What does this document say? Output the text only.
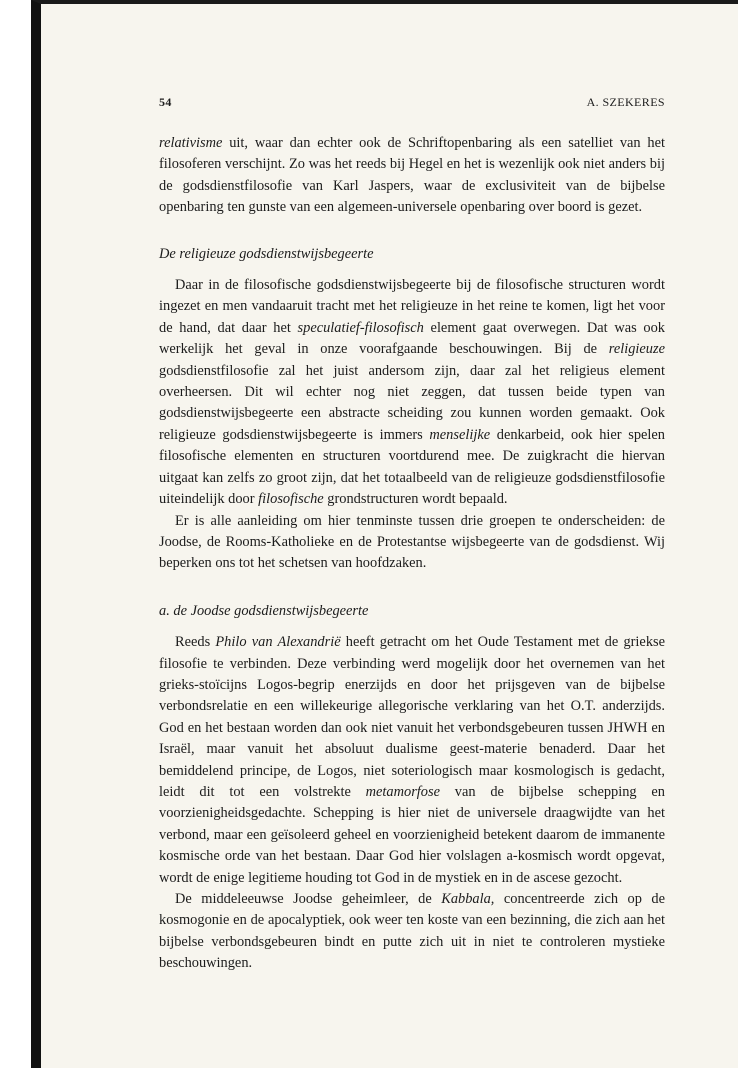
54	A. SZEKERES

relativisme uit, waar dan echter ook de Schriftopenbaring als een satelliet van het filosoferen verschijnt. Zo was het reeds bij Hegel en het is wezenlijk ook niet anders bij de godsdienstfilosofie van Karl Jaspers, waar de exclusiviteit van de bijbelse openbaring ten gunste van een algemeen-universele openbaring over boord is gezet.

De religieuze godsdienstwijsbegeerte

Daar in de filosofische godsdienstwijsbegeerte bij de filosofische structuren wordt ingezet en men vandaaruit tracht met het religieuze in het reine te komen, ligt het voor de hand, dat daar het speculatief-filosofisch element gaat overwegen. Dat was ook werkelijk het geval in onze voorafgaande beschouwingen. Bij de religieuze godsdienstfilosofie zal het juist andersom zijn, daar zal het religieus element overheersen. Dit wil echter nog niet zeggen, dat tussen beide typen van godsdienstwijsbegeerte een abstracte scheiding zou kunnen worden gemaakt. Ook religieuze godsdienstwijsbegeerte is immers menselijke denkarbeid, ook hier spelen filosofische elementen en structuren voortdurend mee. De zuigkracht die hiervan uitgaat kan zelfs zo groot zijn, dat het totaalbeeld van de religieuze godsdienstfilosofie uiteindelijk door filosofische grondstructuren wordt bepaald.

Er is alle aanleiding om hier tenminste tussen drie groepen te onderscheiden: de Joodse, de Rooms-Katholieke en de Protestantse wijsbegeerte van de godsdienst. Wij beperken ons tot het schetsen van hoofdzaken.

a. de Joodse godsdienstwijsbegeerte

Reeds Philo van Alexandrië heeft getracht om het Oude Testament met de griekse filosofie te verbinden. Deze verbinding werd mogelijk door het overnemen van het grieks-stoïcijns Logos-begrip enerzijds en door het prijsgeven van de bijbelse verbondsrelatie en een willekeurige allegorische verklaring van het O.T. anderzijds. God en het bestaan worden dan ook niet vanuit het verbondsgebeuren tussen JHWH en Israël, maar vanuit het absoluut dualisme geest-materie benaderd. Daar het bemiddelend principe, de Logos, niet soteriologisch maar kosmologisch is gedacht, leidt dit tot een volstrekte metamorfose van de bijbelse schepping en voorzienigheidsgedachte. Schepping is hier niet de universele draagwijdte van het verbond, maar een geïsoleerd geheel en voorzienigheid betekent daarom de immanente kosmische orde van het bestaan. Daar God hier volslagen a-kosmisch wordt opgevat, wordt de enige legitieme houding tot God in de mystiek en in de ascese gezocht.

De middeleeuwse Joodse geheimleer, de Kabbala, concentreerde zich op de kosmogonie en de apocalyptiek, ook weer ten koste van een bezinning, die zich aan het bijbelse verbondsgebeuren bindt en putte zich uit in niet te controleren mystieke beschouwingen.
